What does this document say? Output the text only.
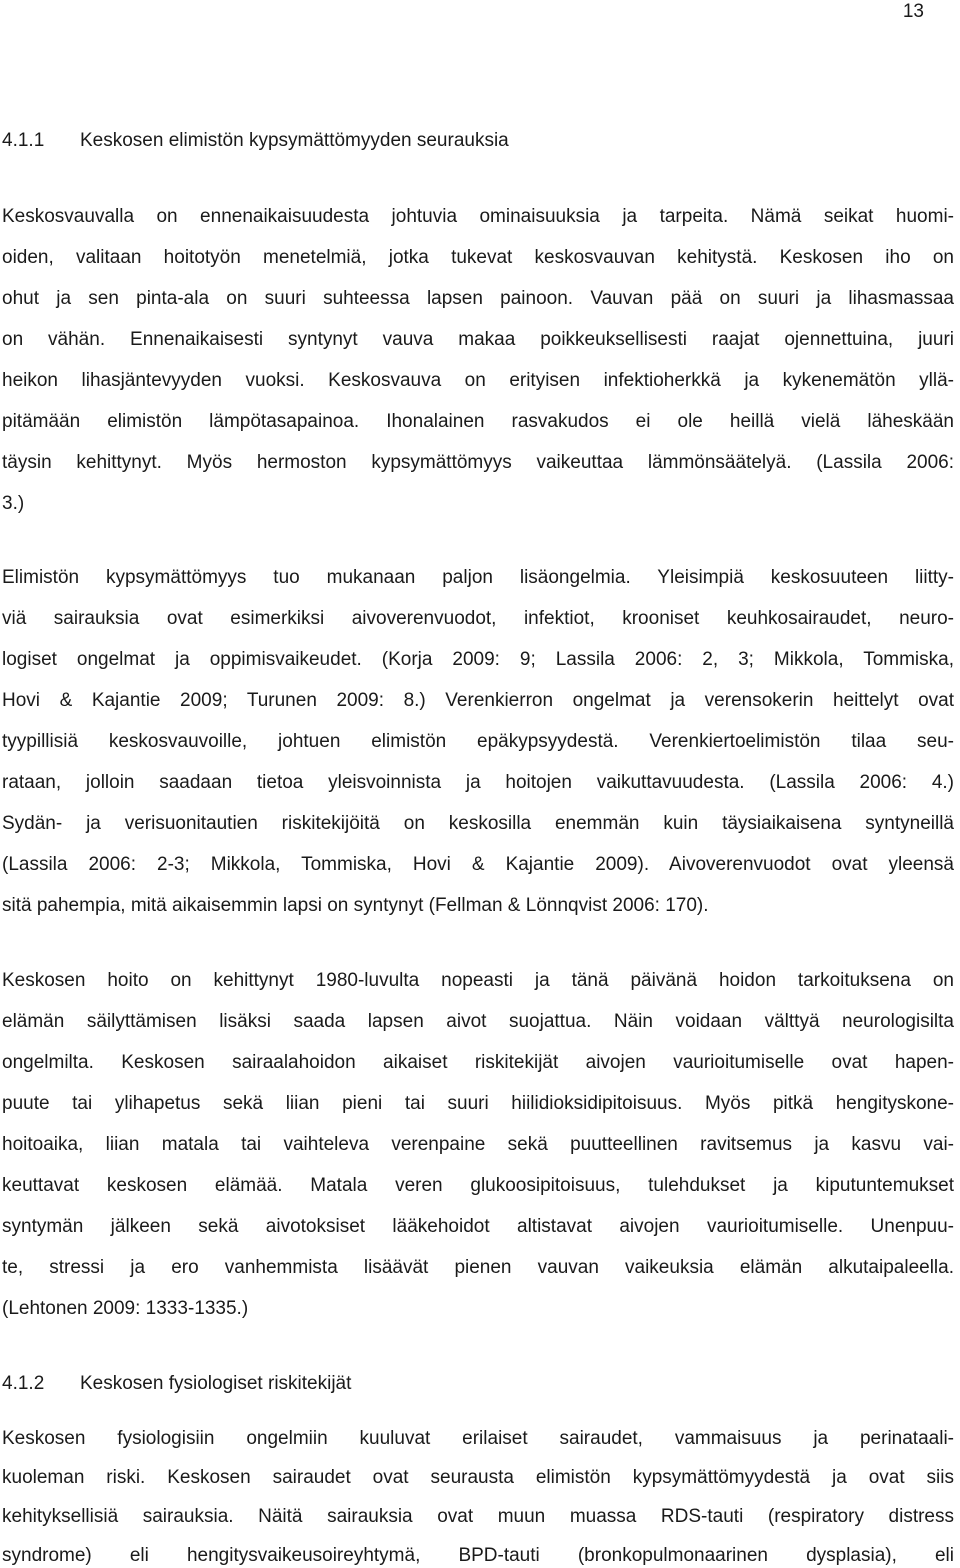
13
4.1.1 Keskosen elimistön kypsymättömyyden seurauksia
Keskosvauvalla on ennenaikaisuudesta johtuvia ominaisuuksia ja tarpeita. Nämä seikat huomi-
oiden, valitaan hoitotyön menetelmiä, jotka tukevat keskosvauvan kehitystä. Keskosen iho on
ohut ja sen pinta-ala on suuri suhteessa lapsen painoon. Vauvan pää on suuri ja lihasmassaa
on vähän. Ennenaikaisesti syntynyt vauva makaa poikkeuksellisesti raajat ojennettuina, juuri
heikon lihasjäntevyyden vuoksi. Keskosvauva on erityisen infektioherkkä ja kykenemätön yllä-
pitämään elimistön lämpötasapainoa. Ihonalainen rasvakudos ei ole heillä vielä läheskään
täysin kehittynyt. Myös hermoston kypsymättömyys vaikeuttaa lämmönsäätelyä. (Lassila 2006:
3.)
Elimistön kypsymättömyys tuo mukanaan paljon lisäongelmia. Yleisimpiä keskosuuteen liitty-
viä sairauksia ovat esimerkiksi aivoverenvuodot, infektiot, krooniset keuhkosairaudet, neuro-
logiset ongelmat ja oppimisvaikeudet. (Korja 2009: 9; Lassila 2006: 2, 3; Mikkola, Tommiska,
Hovi & Kajantie 2009; Turunen 2009: 8.) Verenkierron ongelmat ja verensokerin heittelyt ovat
tyypillisiä keskosvauvoille, johtuen elimistön epäkypsyydestä. Verenkiertoelimistön tilaa seu-
rataan, jolloin saadaan tietoa yleisvoinnista ja hoitojen vaikuttavuudesta. (Lassila 2006: 4.)
Sydän- ja verisuonitautien riskitekijöitä on keskosilla enemmän kuin täysiaikaisena syntyneillä
(Lassila 2006: 2-3; Mikkola, Tommiska, Hovi & Kajantie 2009). Aivoverenvuodot ovat yleensä
sitä pahempia, mitä aikaisemmin lapsi on syntynyt (Fellman & Lönnqvist 2006: 170).
Keskosen hoito on kehittynyt 1980-luvulta nopeasti ja tänä päivänä hoidon tarkoituksena on
elämän säilyttämisen lisäksi saada lapsen aivot suojattua. Näin voidaan välttyä neurologisilta
ongelmilta. Keskosen sairaalahoidon aikaiset riskitekijät aivojen vaurioitumiselle ovat hapen-
puute tai ylihapetus sekä liian pieni tai suuri hiilidioksidipitoisuus. Myös pitkä hengityskone-
hoitoaika, liian matala tai vaihteleva verenpaine sekä puutteellinen ravitsemus ja kasvu vai-
keuttavat keskosen elämää. Matala veren glukoosipitoisuus, tulehdukset ja kiputuntemukset
syntymän jälkeen sekä aivotoksiset lääkehoidot altistavat aivojen vaurioitumiselle. Unenpuu-
te, stressi ja ero vanhemmista lisäävät pienen vauvan vaikeuksia elämän alkutaipaleella.
(Lehtonen 2009: 1333-1335.)
4.1.2 Keskosen fysiologiset riskitekijät
Keskosen fysiologisiin ongelmiin kuuluvat erilaiset sairaudet, vammaisuus ja perinataali-
kuoleman riski. Keskosen sairaudet ovat seurausta elimistön kypsymättömyydestä ja ovat siis
kehityksellisiä sairauksia. Näitä sairauksia ovat muun muassa RDS-tauti (respiratory distress
syndrome) eli hengitysvaikeusoireyhtymä, BPD-tauti (bronkopulmonaarinen dysplasia), eli
